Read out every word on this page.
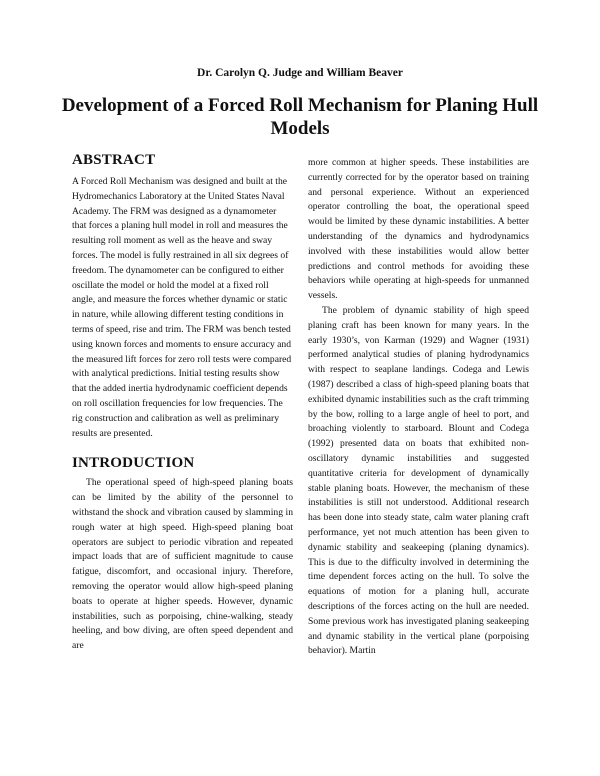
Dr. Carolyn Q. Judge and William Beaver
Development of a Forced Roll Mechanism for Planing Hull Models
ABSTRACT

A Forced Roll Mechanism was designed and built at the Hydromechanics Laboratory at the United States Naval Academy. The FRM was designed as a dynamometer that forces a planing hull model in roll and measures the resulting roll moment as well as the heave and sway forces. The model is fully restrained in all six degrees of freedom. The dynamometer can be configured to either oscillate the model or hold the model at a fixed roll angle, and measure the forces whether dynamic or static in nature, while allowing different testing conditions in terms of speed, rise and trim. The FRM was bench tested using known forces and moments to ensure accuracy and the measured lift forces for zero roll tests were compared with analytical predictions. Initial testing results show that the added inertia hydrodynamic coefficient depends on roll oscillation frequencies for low frequencies. The rig construction and calibration as well as preliminary results are presented.

INTRODUCTION

The operational speed of high-speed planing boats can be limited by the ability of the personnel to withstand the shock and vibration caused by slamming in rough water at high speed. High-speed planing boat operators are subject to periodic vibration and repeated impact loads that are of sufficient magnitude to cause fatigue, discomfort, and occasional injury. Therefore, removing the operator would allow high-speed planing boats to operate at higher speeds. However, dynamic instabilities, such as porpoising, chine-walking, steady heeling, and bow diving, are often speed dependent and are

more common at higher speeds. These instabilities are currently corrected for by the operator based on training and personal experience. Without an experienced operator controlling the boat, the operational speed would be limited by these dynamic instabilities. A better understanding of the dynamics and hydrodynamics involved with these instabilities would allow better predictions and control methods for avoiding these behaviors while operating at high-speeds for unmanned vessels.

The problem of dynamic stability of high speed planing craft has been known for many years. In the early 1930’s, von Karman (1929) and Wagner (1931) performed analytical studies of planing hydrodynamics with respect to seaplane landings. Codega and Lewis (1987) described a class of high-speed planing boats that exhibited dynamic instabilities such as the craft trimming by the bow, rolling to a large angle of heel to port, and broaching violently to starboard. Blount and Codega (1992) presented data on boats that exhibited non-oscillatory dynamic instabilities and suggested quantitative criteria for development of dynamically stable planing boats. However, the mechanism of these instabilities is still not understood. Additional research has been done into steady state, calm water planing craft performance, yet not much attention has been given to dynamic stability and seakeeping (planing dynamics). This is due to the difficulty involved in determining the time dependent forces acting on the hull. To solve the equations of motion for a planing hull, accurate descriptions of the forces acting on the hull are needed. Some previous work has investigated planing seakeeping and dynamic stability in the vertical plane (porpoising behavior). Martin
